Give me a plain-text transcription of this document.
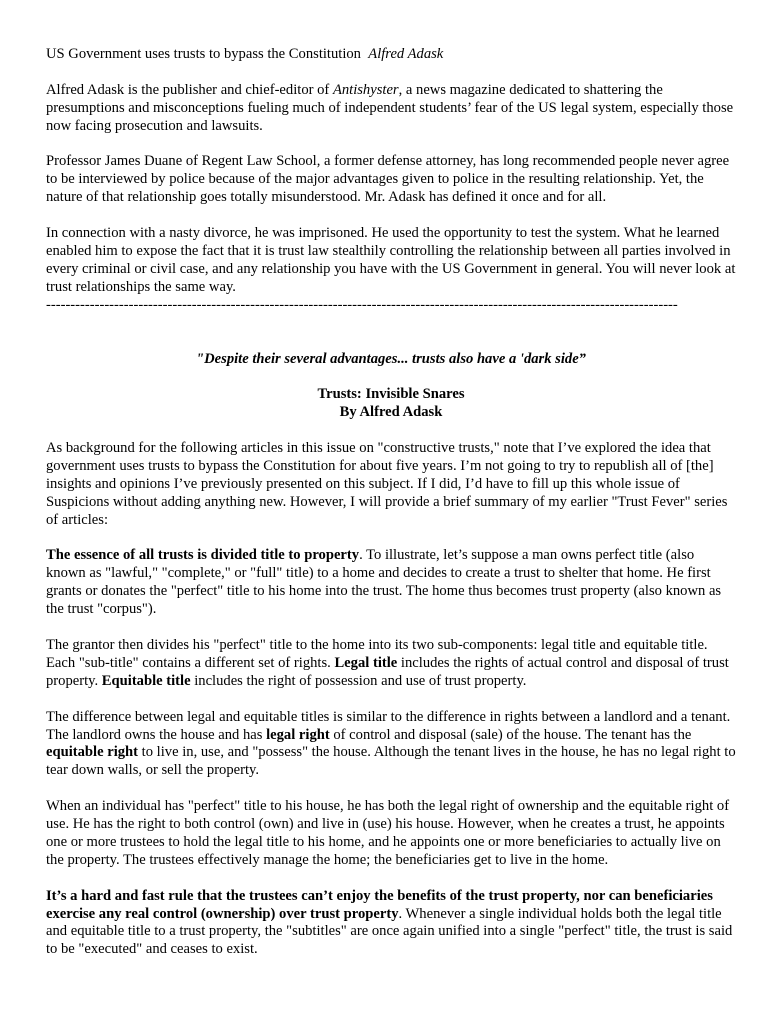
US Government uses trusts to bypass the Constitution Alfred Adask

Alfred Adask is the publisher and chief-editor of Antishyster, a news magazine dedicated to shattering the presumptions and misconceptions fueling much of independent students’ fear of the US legal system, especially those now facing prosecution and lawsuits.

Professor James Duane of Regent Law School, a former defense attorney, has long recommended people never agree to be interviewed by police because of the major advantages given to police in the resulting relationship. Yet, the nature of that relationship goes totally misunderstood. Mr. Adask has defined it once and for all.

In connection with a nasty divorce, he was imprisoned. He used the opportunity to test the system. What he learned enabled him to expose the fact that it is trust law stealthily controlling the relationship between all parties involved in every criminal or civil case, and any relationship you have with the US Government in general. You will never look at trust relationships the same way.

----------------------------------------------------------------------------------------------------------------------------------
"Despite their several advantages... trusts also have a 'dark side”
Trusts: Invisible Snares
By Alfred Adask

As background for the following articles in this issue on "constructive trusts," note that I’ve explored the idea that government uses trusts to bypass the Constitution for about five years. I’m not going to try to republish all of [the] insights and opinions I’ve previously presented on this subject. If I did, I’d have to fill up this whole issue of Suspicions without adding anything new. However, I will provide a brief summary of my earlier "Trust Fever" series of articles:

The essence of all trusts is divided title to property. To illustrate, let’s suppose a man owns perfect title (also known as "lawful," "complete," or "full" title) to a home and decides to create a trust to shelter that home. He first grants or donates the "perfect" title to his home into the trust. The home thus becomes trust property (also known as the trust "corpus").

The grantor then divides his "perfect" title to the home into its two sub-components: legal title and equitable title. Each "sub-title" contains a different set of rights. Legal title includes the rights of actual control and disposal of trust property. Equitable title includes the right of possession and use of trust property.

The difference between legal and equitable titles is similar to the difference in rights between a landlord and a tenant. The landlord owns the house and has legal right of control and disposal (sale) of the house. The tenant has the equitable right to live in, use, and "possess" the house. Although the tenant lives in the house, he has no legal right to tear down walls, or sell the property.

When an individual has "perfect" title to his house, he has both the legal right of ownership and the equitable right of use. He has the right to both control (own) and live in (use) his house. However, when he creates a trust, he appoints one or more trustees to hold the legal title to his home, and he appoints one or more beneficiaries to actually live on the property. The trustees effectively manage the home; the beneficiaries get to live in the home.

It’s a hard and fast rule that the trustees can’t enjoy the benefits of the trust property, nor can beneficiaries exercise any real control (ownership) over trust property. Whenever a single individual holds both the legal title and equitable title to a trust property, the "subtitles" are once again unified into a single "perfect" title, the trust is said to be "executed" and ceases to exist.
